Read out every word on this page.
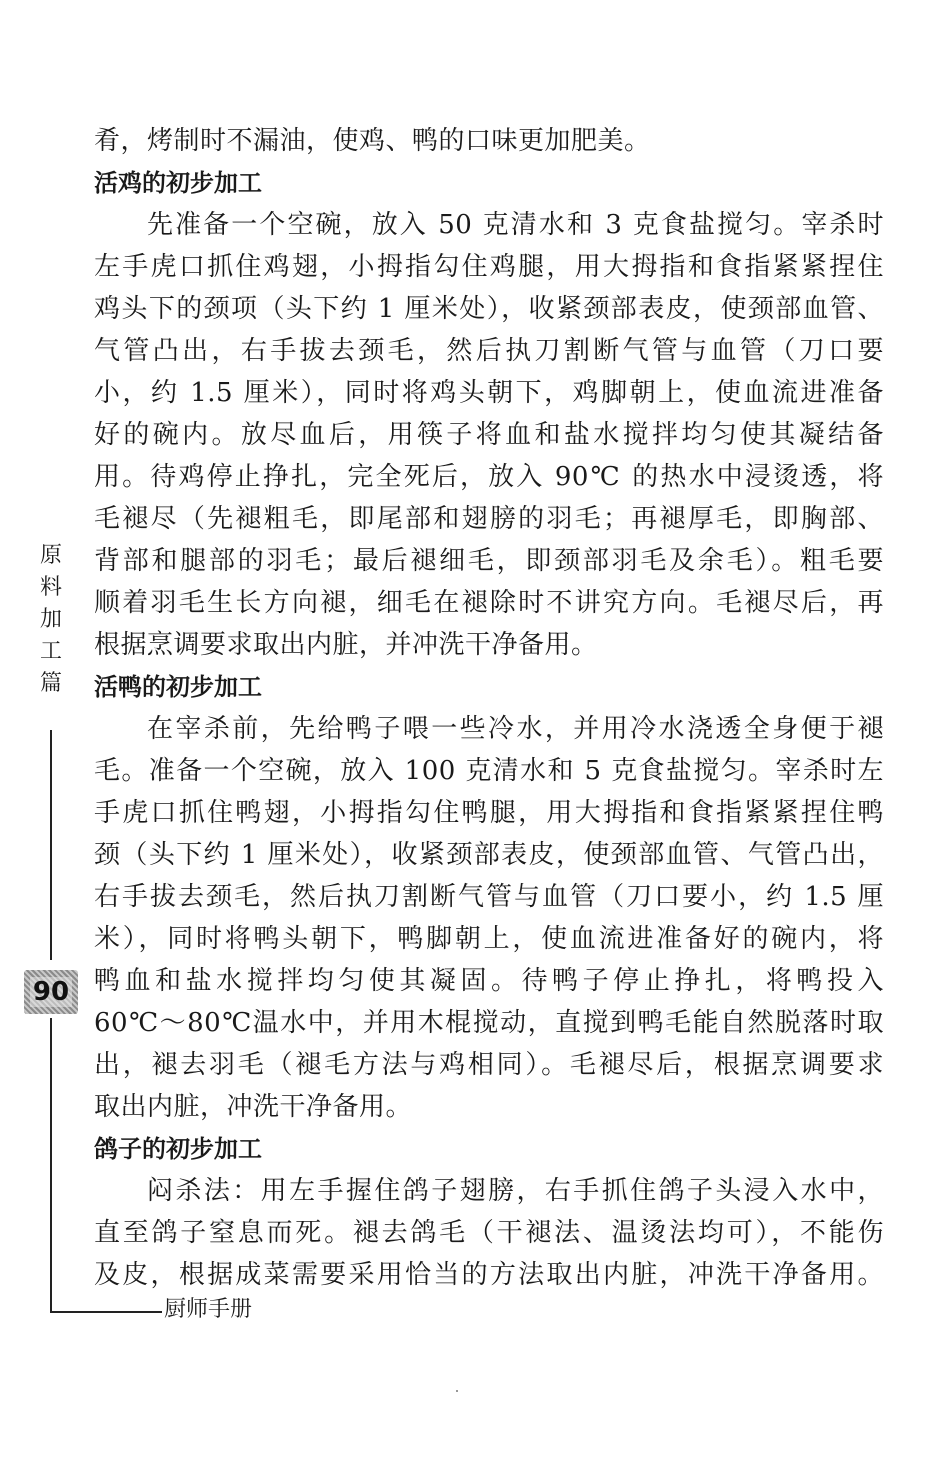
肴，烤制时不漏油，使鸡、鸭的口味更加肥美。
活鸡的初步加工
先准备一个空碗，放入 50 克清水和 3 克食盐搅匀。宰杀时
左手虎口抓住鸡翅，小拇指勾住鸡腿，用大拇指和食指紧紧捏住
鸡头下的颈项（头下约 1 厘米处），收紧颈部表皮，使颈部血管、
气管凸出，右手拔去颈毛，然后执刀割断气管与血管（刀口要
小，约 1.5 厘米），同时将鸡头朝下，鸡脚朝上，使血流进准备
好的碗内。放尽血后，用筷子将血和盐水搅拌均匀使其凝结备
用。待鸡停止挣扎，完全死后，放入 90℃ 的热水中浸烫透，将
毛褪尽（先褪粗毛，即尾部和翅膀的羽毛；再褪厚毛，即胸部、
背部和腿部的羽毛；最后褪细毛，即颈部羽毛及余毛）。粗毛要
顺着羽毛生长方向褪，细毛在褪除时不讲究方向。毛褪尽后，再
根据烹调要求取出内脏，并冲洗干净备用。
活鸭的初步加工
在宰杀前，先给鸭子喂一些冷水，并用冷水浇透全身便于褪
毛。准备一个空碗，放入 100 克清水和 5 克食盐搅匀。宰杀时左
手虎口抓住鸭翅，小拇指勾住鸭腿，用大拇指和食指紧紧捏住鸭
颈（头下约 1 厘米处），收紧颈部表皮，使颈部血管、气管凸出，
右手拔去颈毛，然后执刀割断气管与血管（刀口要小，约 1.5 厘
米），同时将鸭头朝下，鸭脚朝上，使血流进准备好的碗内，将
鸭血和盐水搅拌均匀使其凝固。待鸭子停止挣扎，将鸭投入
60℃～80℃温水中，并用木棍搅动，直搅到鸭毛能自然脱落时取
出，褪去羽毛（褪毛方法与鸡相同）。毛褪尽后，根据烹调要求
取出内脏，冲洗干净备用。
鸽子的初步加工
闷杀法：用左手握住鸽子翅膀，右手抓住鸽子头浸入水中，
直至鸽子窒息而死。褪去鸽毛（干褪法、温烫法均可），不能伤
及皮，根据成菜需要采用恰当的方法取出内脏，冲洗干净备用。
原
料
加
工
篇
90
厨师手册
